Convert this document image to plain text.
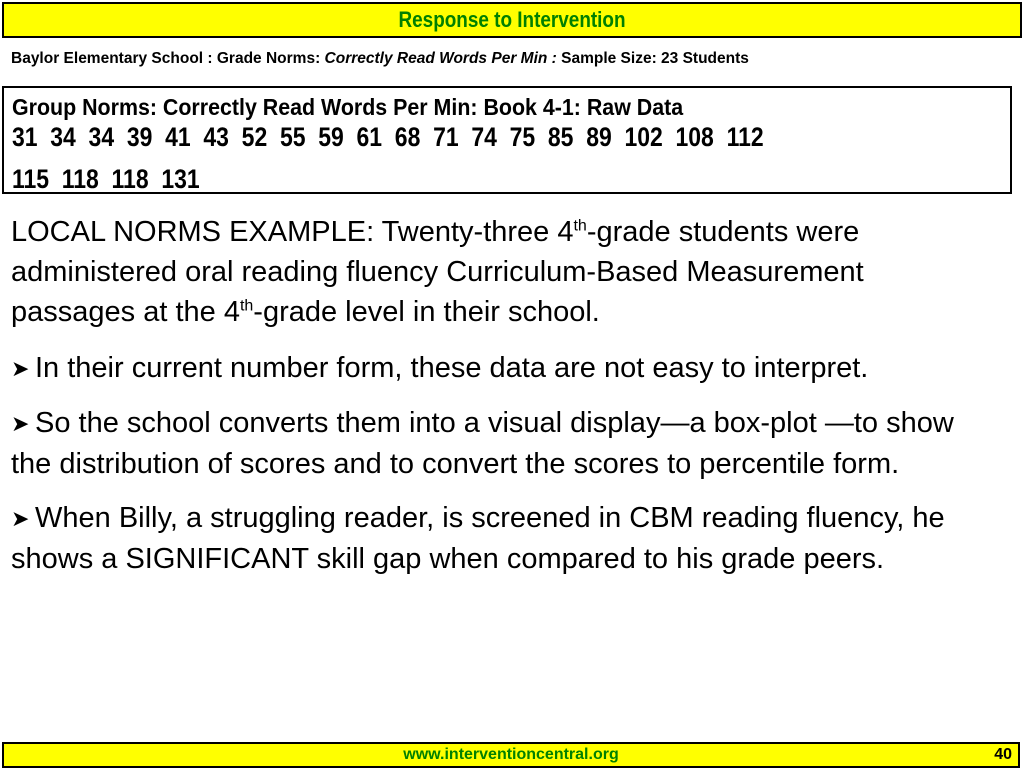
Response to Intervention
Baylor Elementary School : Grade Norms: Correctly Read Words Per Min : Sample Size: 23 Students
Group Norms: Correctly Read Words Per Min: Book 4-1: Raw Data
31  34  34  39  41  43  52  55  59  61  68  71  74  75  85  89  102  108  112
115  118  118  131

LOCAL NORMS EXAMPLE: Twenty-three 4th-grade students were administered oral reading fluency Curriculum-Based Measurement passages at the 4th-grade level in their school.

➤ In their current number form, these data are not easy to interpret.

➤ So the school converts them into a visual display—a box-plot —to show the distribution of scores and to convert the scores to percentile form.

➤ When Billy, a struggling reader, is screened in CBM reading fluency, he shows a SIGNIFICANT skill gap when compared to his grade peers.

www.interventioncentral.org	40
